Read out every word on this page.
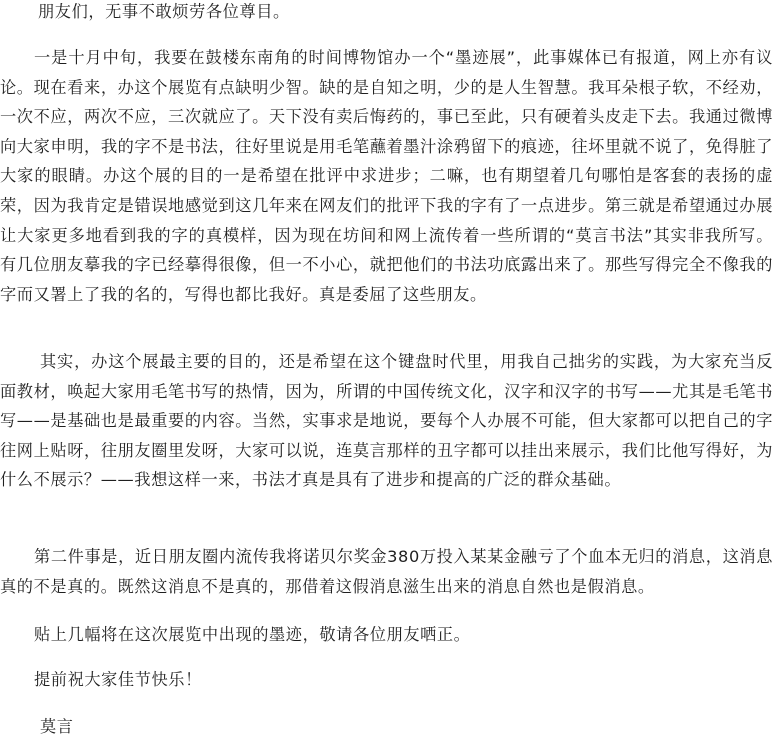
朋友们，无事不敢烦劳各位尊目。

一是十月中旬，我要在鼓楼东南角的时间博物馆办一个“墨迹展”，此事媒体已有报道，网上亦有议论。现在看来，办这个展览有点缺明少智。缺的是自知之明，少的是人生智慧。我耳朵根子软，不经劝，一次不应，两次不应，三次就应了。天下没有卖后悔药的，事已至此，只有硬着头皮走下去。我通过微博向大家申明，我的字不是书法，往好里说是用毛笔蘸着墨汁涂鸦留下的痕迹，往坏里就不说了，免得脏了大家的眼睛。办这个展的目的一是希望在批评中求进步；二嘛，也有期望着几句哪怕是客套的表扬的虚荣，因为我肯定是错误地感觉到这几年来在网友们的批评下我的字有了一点进步。第三就是希望通过办展让大家更多地看到我的字的真模样，因为现在坊间和网上流传着一些所谓的“莫言书法”其实非我所写。有几位朋友摹我的字已经摹得很像，但一不小心，就把他们的书法功底露出来了。那些写得完全不像我的字而又署上了我的名的，写得也都比我好。真是委屈了这些朋友。

其实，办这个展最主要的目的，还是希望在这个键盘时代里，用我自己拙劣的实践，为大家充当反面教材，唤起大家用毛笔书写的热情，因为，所谓的中国传统文化，汉字和汉字的书写——尤其是毛笔书写——是基础也是最重要的内容。当然，实事求是地说，要每个人办展不可能，但大家都可以把自己的字往网上贴呀，往朋友圈里发呀，大家可以说，连莫言那样的丑字都可以挂出来展示，我们比他写得好，为什么不展示？——我想这样一来，书法才真是具有了进步和提高的广泛的群众基础。

第二件事是，近日朋友圈内流传我将诺贝尔奖金380万投入某某金融亏了个血本无归的消息，这消息真的不是真的。既然这消息不是真的，那借着这假消息滋生出来的消息自然也是假消息。

贴上几幅将在这次展览中出现的墨迹，敬请各位朋友哂正。

提前祝大家佳节快乐！

莫言
